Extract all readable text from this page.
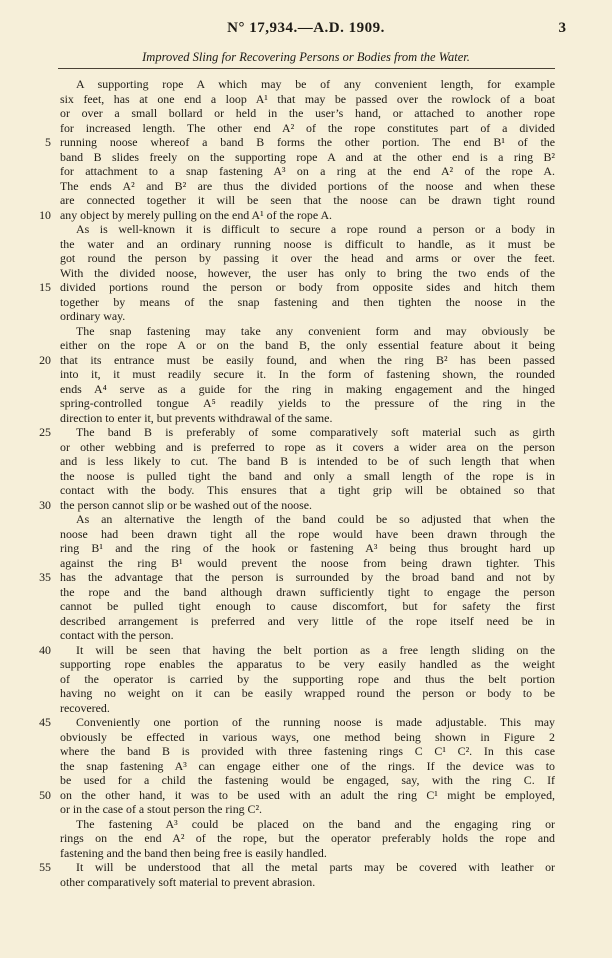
N° 17,934.—A.D. 1909.	3
Improved Sling for Recovering Persons or Bodies from the Water.
A supporting rope A which may be of any convenient length, for example
six feet, has at one end a loop A¹ that may be passed over the rowlock of a boat
or over a small bollard or held in the user’s hand, or attached to another rope
for increased length. The other end A² of the rope constitutes part of a divided
running noose whereof a band B forms the other portion. The end B¹ of the
5
band B slides freely on the supporting rope A and at the other end is a ring B²
for attachment to a snap fastening A³ on a ring at the end A² of the rope A.
The ends A² and B² are thus the divided portions of the noose and when these
are connected together it will be seen that the noose can be drawn tight round
any object by merely pulling on the end A¹ of the rope A.
10
As is well-known it is difficult to secure a rope round a person or a body in
the water and an ordinary running noose is difficult to handle, as it must be
got round the person by passing it over the head and arms or over the feet.
With the divided noose, however, the user has only to bring the two ends of the
divided portions round the person or body from opposite sides and hitch them
15
together by means of the snap fastening and then tighten the noose in the
ordinary way.
The snap fastening may take any convenient form and may obviously be
either on the rope A or on the band B, the only essential feature about it being
that its entrance must be easily found, and when the ring B² has been passed
20
into it, it must readily secure it. In the form of fastening shown, the rounded
ends A⁴ serve as a guide for the ring in making engagement and the hinged
spring-controlled tongue A⁵ readily yields to the pressure of the ring in the
direction to enter it, but prevents withdrawal of the same.
The band B is preferably of some comparatively soft material such as girth
25
or other webbing and is preferred to rope as it covers a wider area on the person
and is less likely to cut. The band B is intended to be of such length that when
the noose is pulled tight the band and only a small length of the rope is in
contact with the body. This ensures that a tight grip will be obtained so that
the person cannot slip or be washed out of the noose.
30
As an alternative the length of the band could be so adjusted that when the
noose had been drawn tight all the rope would have been drawn through the
ring B¹ and the ring of the hook or fastening A³ being thus brought hard up
against the ring B¹ would prevent the noose from being drawn tighter. This
has the advantage that the person is surrounded by the broad band and not by
35
the rope and the band although drawn sufficiently tight to engage the person
cannot be pulled tight enough to cause discomfort, but for safety the first
described arrangement is preferred and very little of the rope itself need be in
contact with the person.
It will be seen that having the belt portion as a free length sliding on the
40
supporting rope enables the apparatus to be very easily handled as the weight
of the operator is carried by the supporting rope and thus the belt portion
having no weight on it can be easily wrapped round the person or body to be
recovered.
Conveniently one portion of the running noose is made adjustable. This may
45
obviously be effected in various ways, one method being shown in Figure 2
where the band B is provided with three fastening rings C C¹ C². In this case
the snap fastening A³ can engage either one of the rings. If the device was to
be used for a child the fastening would be engaged, say, with the ring C. If
on the other hand, it was to be used with an adult the ring C¹ might be employed,
50
or in the case of a stout person the ring C².
The fastening A³ could be placed on the band and the engaging ring or
rings on the end A² of the rope, but the operator preferably holds the rope and
fastening and the band then being free is easily handled.
It will be understood that all the metal parts may be covered with leather or
55
other comparatively soft material to prevent abrasion.
